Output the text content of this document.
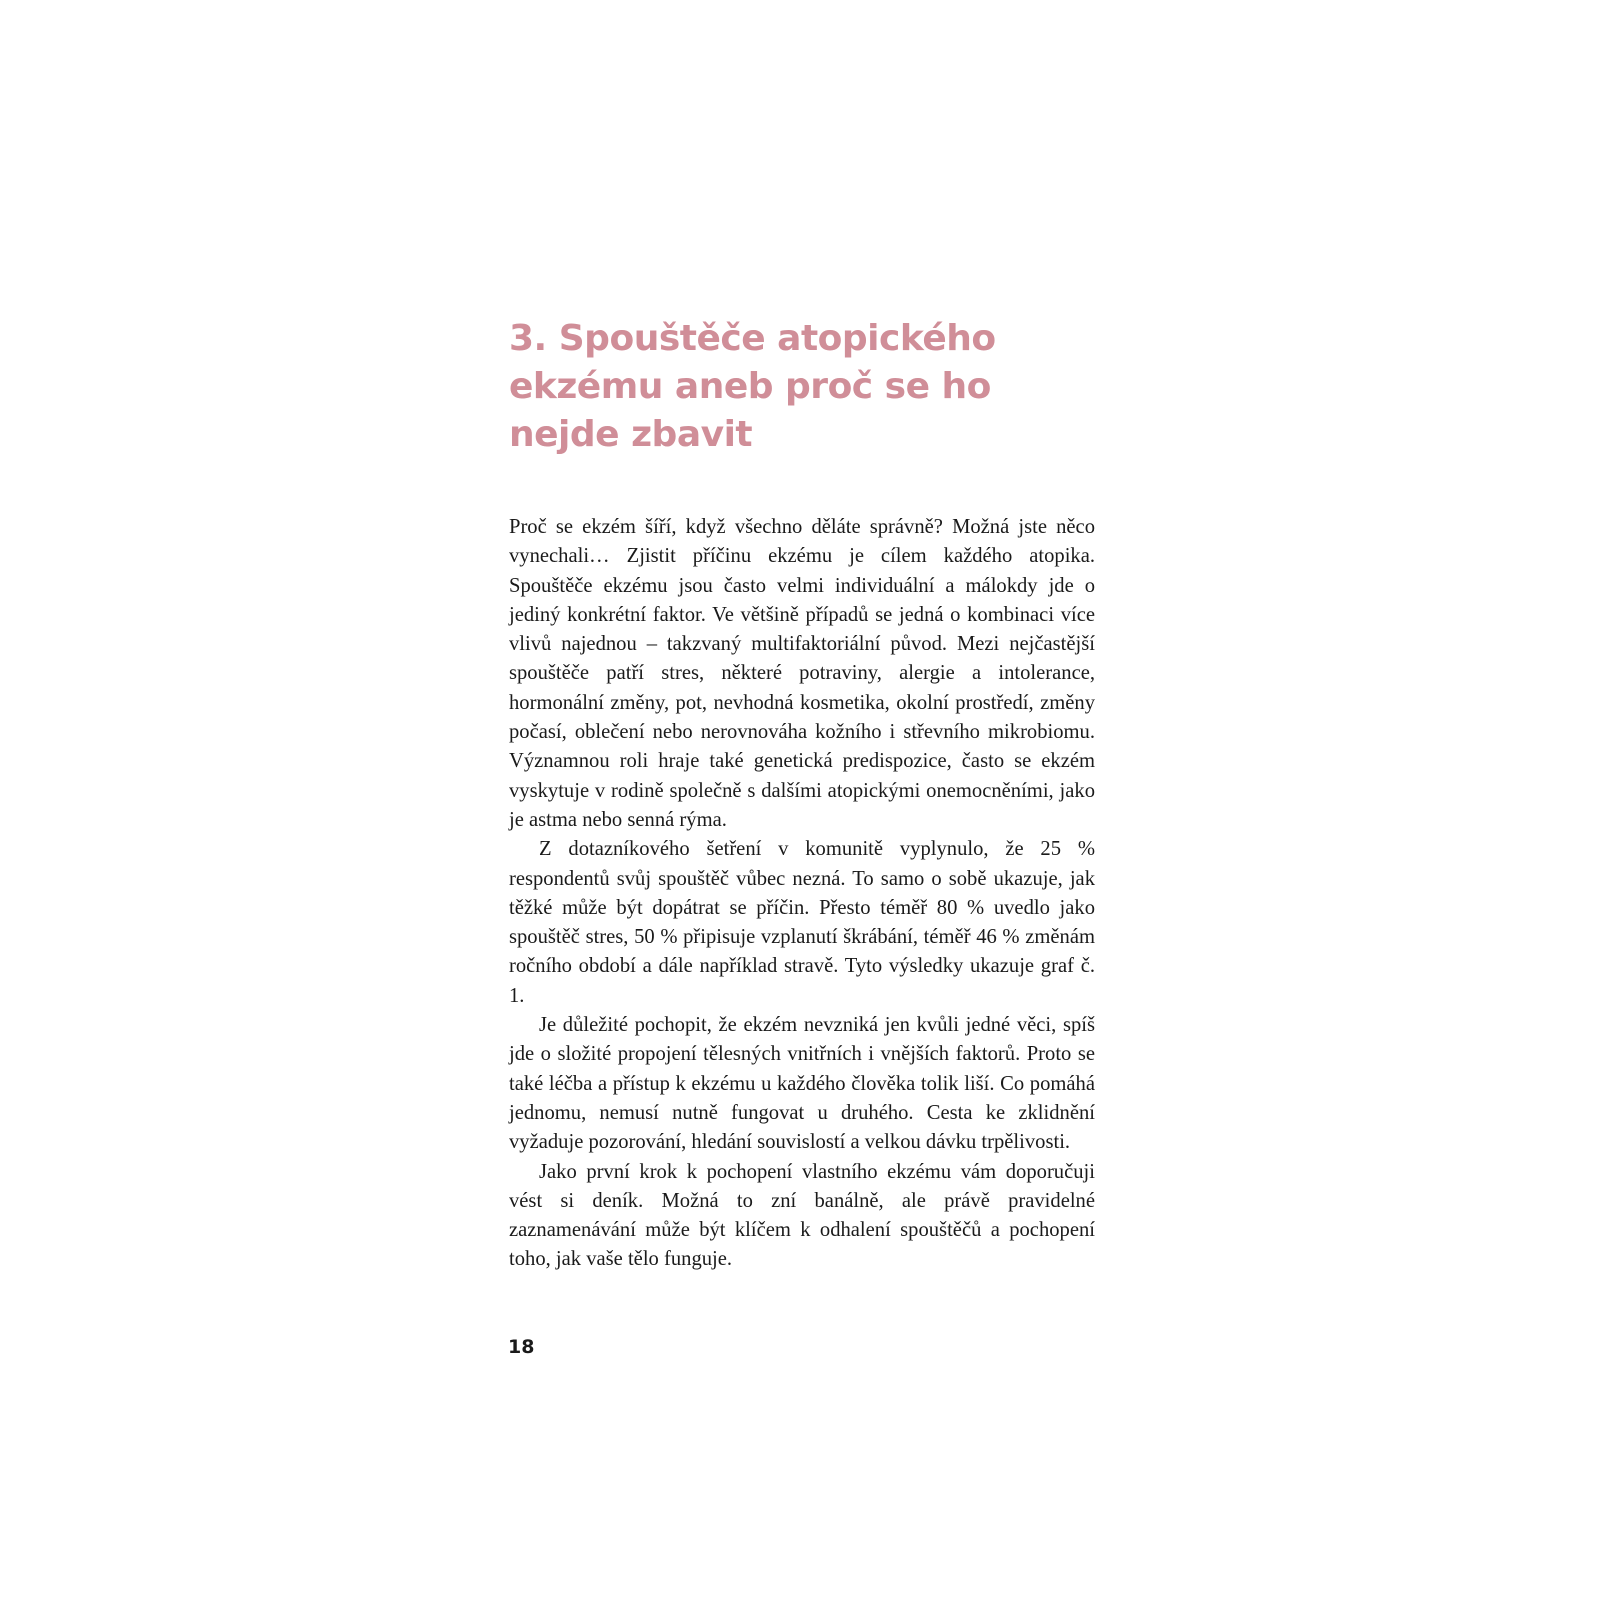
3. Spouštěče atopického ekzému aneb proč se ho nejde zbavit

Proč se ekzém šíří, když všechno děláte správně? Možná jste něco vynechali… Zjistit příčinu ekzému je cílem každého atopika. Spouštěče ekzému jsou často velmi individuální a málokdy jde o jediný konkrétní faktor. Ve většině případů se jedná o kombinaci více vlivů najednou – takzvaný multifaktoriální původ. Mezi nejčastější spouštěče patří stres, některé potraviny, alergie a intolerance, hormonální změny, pot, nevhodná kosmetika, okolní prostředí, změny počasí, oblečení nebo nerovnováha kožního i střevního mikrobiomu. Významnou roli hraje také genetická predispozice, často se ekzém vyskytuje v rodině společně s dalšími atopickými onemocněními, jako je astma nebo senná rýma.

Z dotazníkového šetření v komunitě vyplynulo, že 25 % respondentů svůj spouštěč vůbec nezná. To samo o sobě ukazuje, jak těžké může být dopátrat se příčin. Přesto téměř 80 % uvedlo jako spouštěč stres, 50 % připisuje vzplanutí škrábání, téměř 46 % změnám ročního období a dále například stravě. Tyto výsledky ukazuje graf č. 1.

Je důležité pochopit, že ekzém nevzniká jen kvůli jedné věci, spíš jde o složité propojení tělesných vnitřních i vnějších faktorů. Proto se také léčba a přístup k ekzému u každého člověka tolik liší. Co pomáhá jednomu, nemusí nutně fungovat u druhého. Cesta ke zklidnění vyžaduje pozorování, hledání souvislostí a velkou dávku trpělivosti.

Jako první krok k pochopení vlastního ekzému vám doporučuji vést si deník. Možná to zní banálně, ale právě pravidelné zaznamenávání může být klíčem k odhalení spouštěčů a pochopení toho, jak vaše tělo funguje.

18
